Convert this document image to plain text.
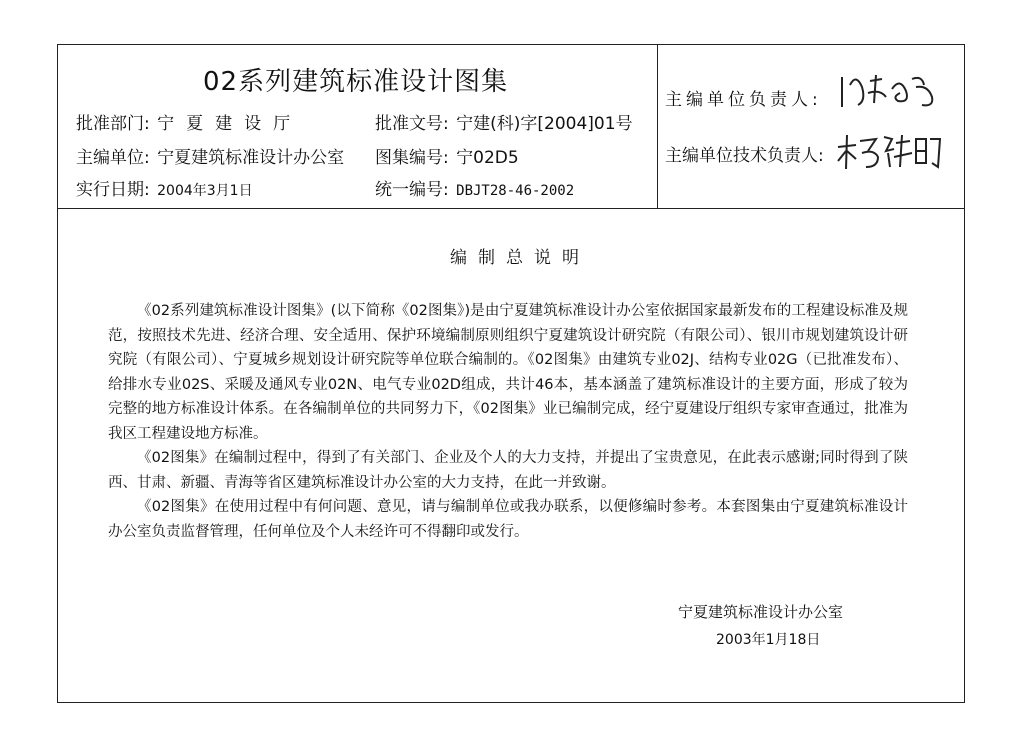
02系列建筑标准设计图集
批准部门: 宁夏建设厅
主编单位: 宁夏建筑标准设计办公室
实行日期: 2004年3月1日
批准文号: 宁建(科)字[2004]01号
图集编号: 宁02D5
统一编号: DBJT28-46-2002
主编单位负责人:
主编单位技术负责人:
编制总说明

《02系列建筑标准设计图集》(以下简称《02图集》)是由宁夏建筑标准设计办公室依据国家最新发布的工程建设标准及规范，按照技术先进、经济合理、安全适用、保护环境编制原则组织宁夏建筑设计研究院（有限公司）、银川市规划建筑设计研究院（有限公司）、宁夏城乡规划设计研究院等单位联合编制的。《02图集》由建筑专业02J、结构专业02G（已批准发布）、给排水专业02S、采暖及通风专业02N、电气专业02D组成，共计46本，基本涵盖了建筑标准设计的主要方面，形成了较为完整的地方标准设计体系。在各编制单位的共同努力下，《02图集》业已编制完成，经宁夏建设厅组织专家审查通过，批准为我区工程建设地方标准。

《02图集》在编制过程中，得到了有关部门、企业及个人的大力支持，并提出了宝贵意见，在此表示感谢;同时得到了陕西、甘肃、新疆、青海等省区建筑标准设计办公室的大力支持，在此一并致谢。

《02图集》在使用过程中有何问题、意见，请与编制单位或我办联系，以便修编时参考。本套图集由宁夏建筑标准设计办公室负责监督管理，任何单位及个人未经许可不得翻印或发行。

宁夏建筑标准设计办公室
2003年1月18日
